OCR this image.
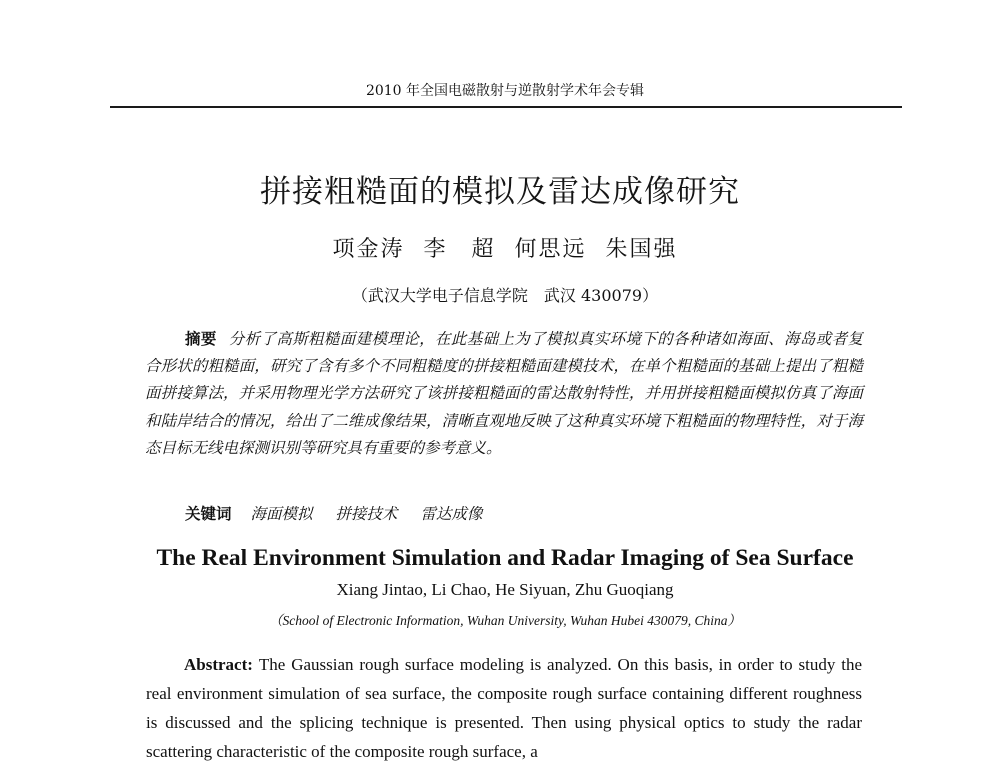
2010 年全国电磁散射与逆散射学术年会专辑
拼接粗糙面的模拟及雷达成像研究
项金涛 李　超 何思远 朱国强
（武汉大学电子信息学院　武汉 430079）

摘要 分析了高斯粗糙面建模理论，在此基础上为了模拟真实环境下的各种诸如海面、海岛或者复合形状的粗糙面，研究了含有多个不同粗糙度的拼接粗糙面建模技术，在单个粗糙面的基础上提出了粗糙面拼接算法，并采用物理光学方法研究了该拼接粗糙面的雷达散射特性，并用拼接粗糙面模拟仿真了海面和陆岸结合的情况，给出了二维成像结果，清晰直观地反映了这种真实环境下粗糙面的物理特性，对于海态目标无线电探测识别等研究具有重要的参考意义。

关键词 海面模拟 拼接技术 雷达成像
The Real Environment Simulation and Radar Imaging of Sea Surface
Xiang Jintao, Li Chao, He Siyuan, Zhu Guoqiang
（School of Electronic Information, Wuhan University, Wuhan Hubei 430079, China）

Abstract: The Gaussian rough surface modeling is analyzed. On this basis, in order to study the real environment simulation of sea surface, the composite rough surface containing different roughness is discussed and the splicing technique is presented. Then using physical optics to study the radar scattering characteristic of the composite rough surface, a
